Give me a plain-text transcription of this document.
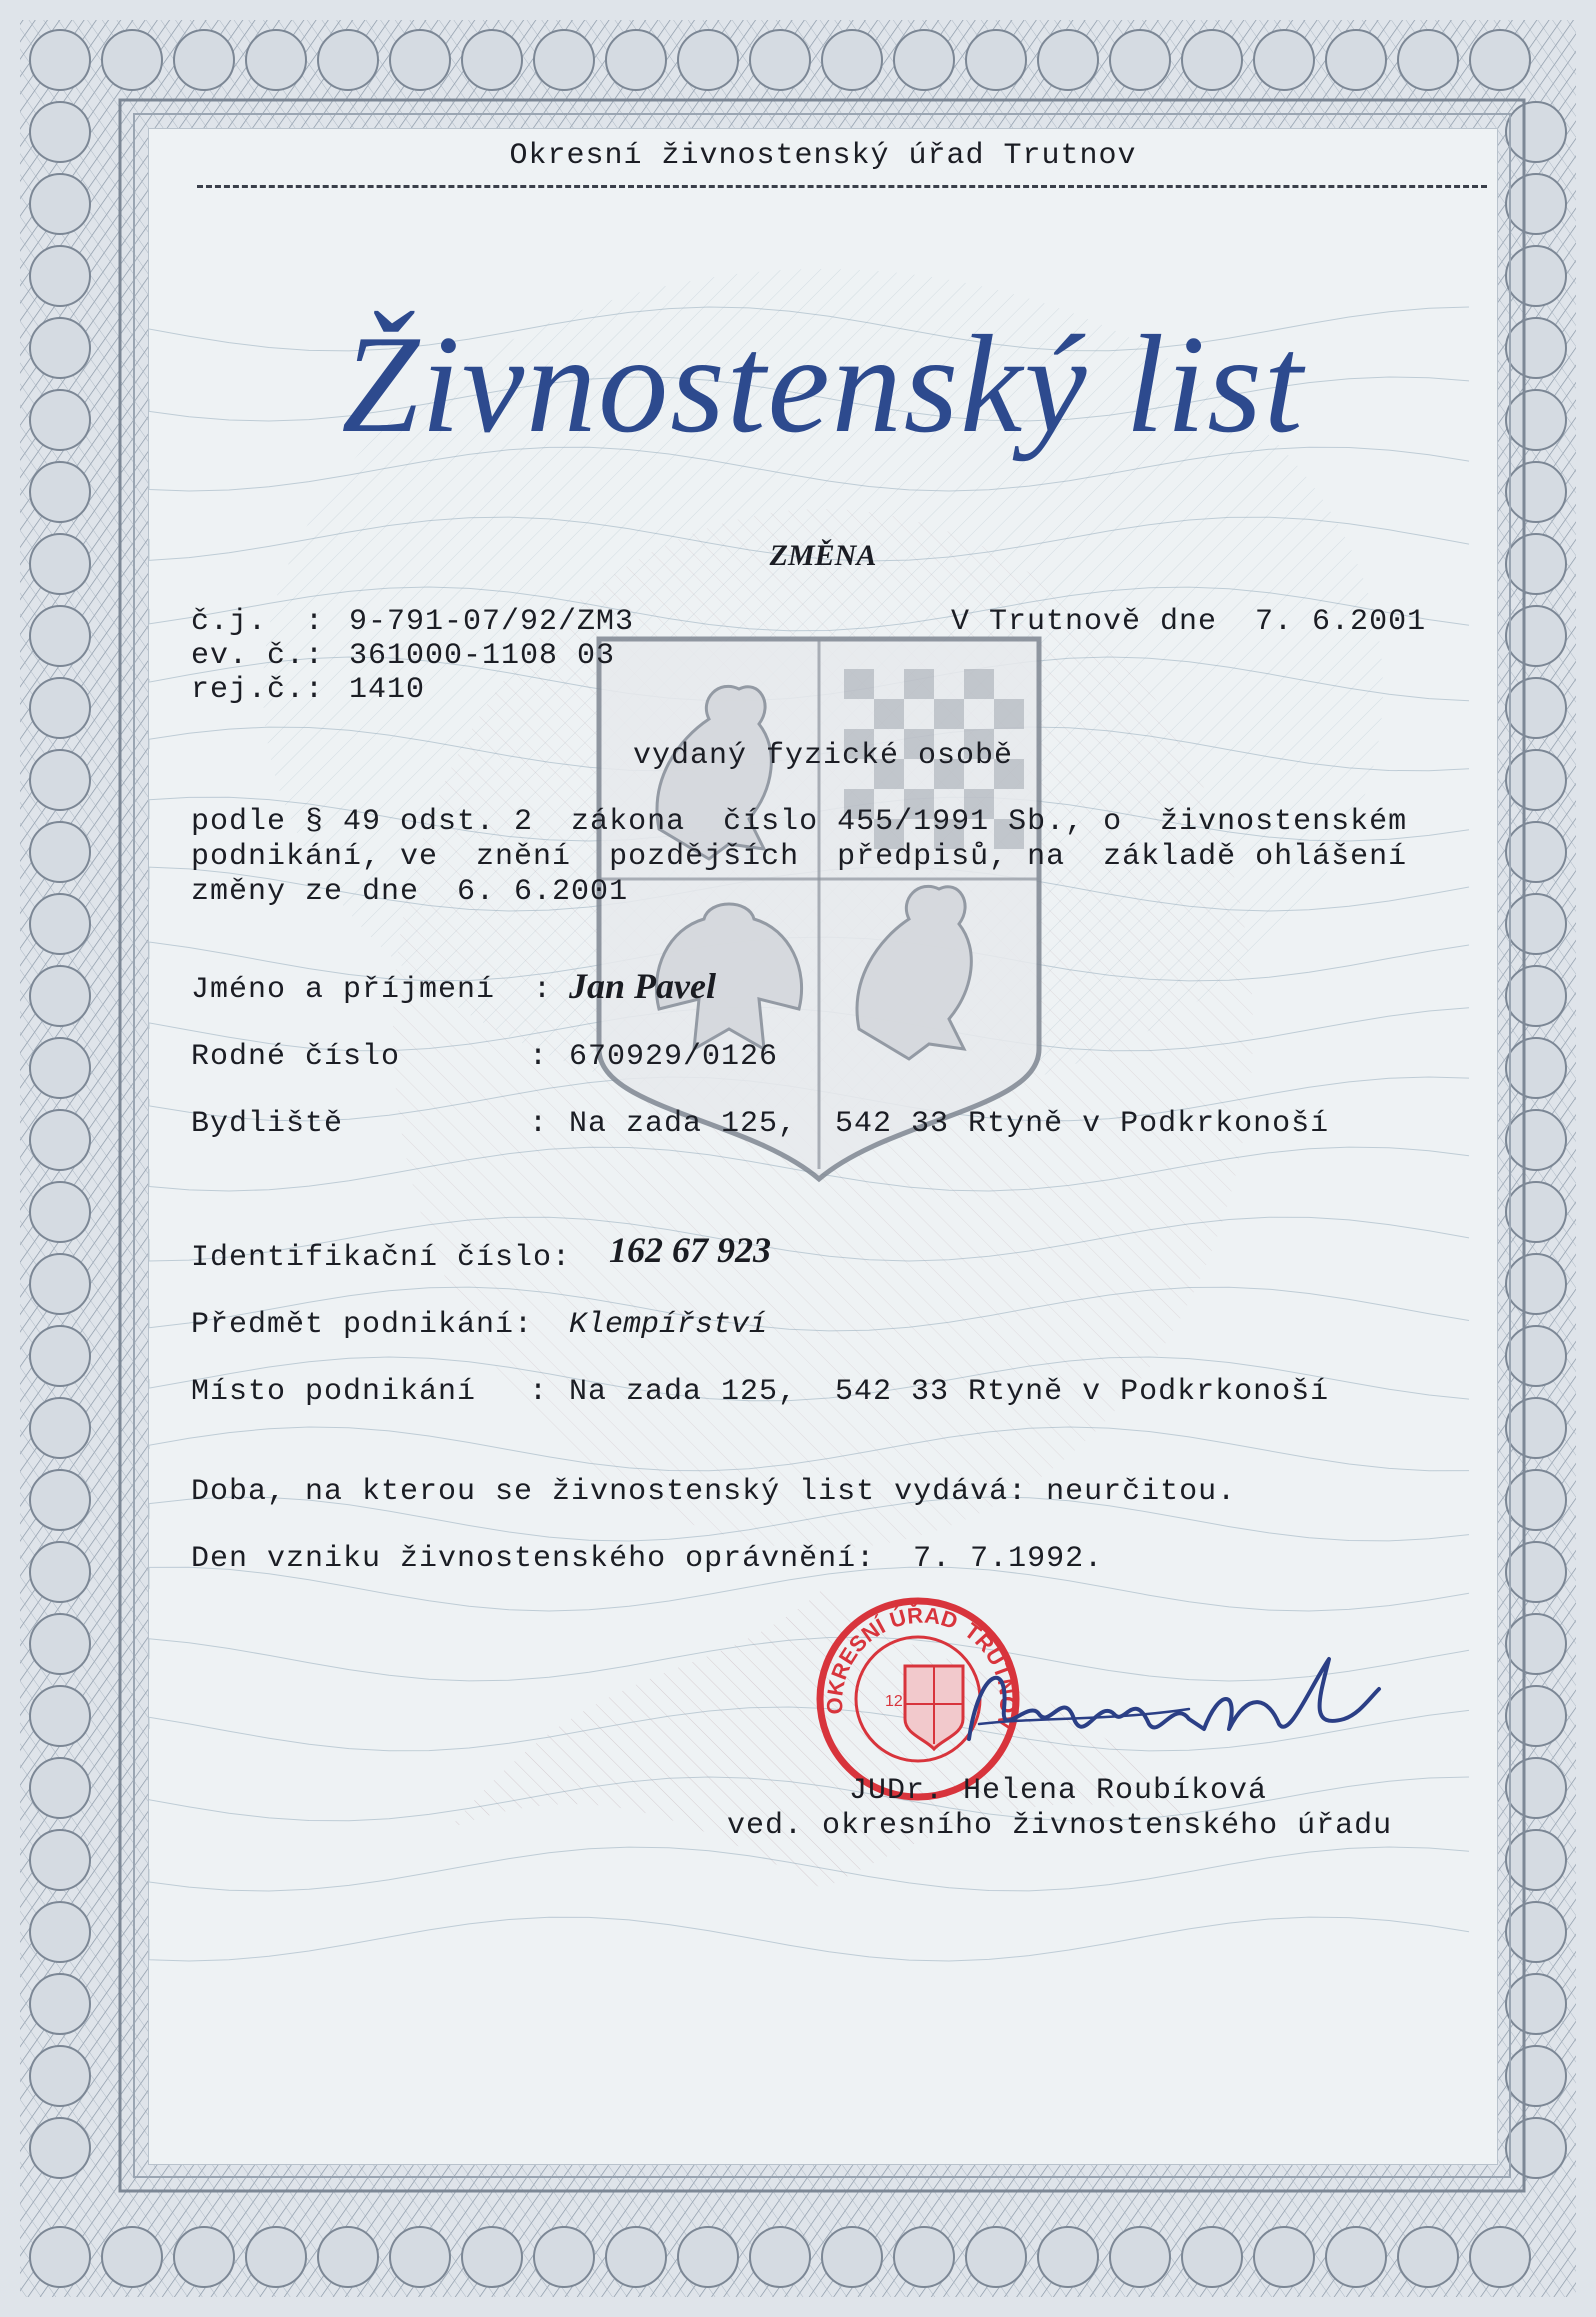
Okresní živnostenský úřad Trutnov
Živnostenský list
ZMĚNA
č.j.  : 9-791-07/92/ZM3
ev. č.: 361000-1108 03
rej.č.: 1410
V Trutnově dne  7. 6.2001
vydaný fyzické osobě
podle § 49 odst. 2  zákona  číslo 455/1991 Sb., o  živnostenském
podnikání, ve  znění  pozdějších  předpisů, na  základě ohlášení
změny ze dne  6. 6.2001
Jméno a příjmení  : Jan Pavel
Rodné číslo	: 670929/0126
Bydliště	: Na zada 125,  542 33 Rtyně v Podkrkonoší
Identifikační číslo: 162 67 923
Předmět podnikání: Klempířství
Místo podnikání : Na zada 125,  542 33 Rtyně v Podkrkonoší
Doba, na kterou se živnostenský list vydává: neurčitou.
Den vzniku živnostenského oprávnění:  7. 7.1992.
OKRESNÍ ÚŘAD TRUTNOV
12
JUDr. Helena Roubíková
ved. okresního živnostenského úřadu
